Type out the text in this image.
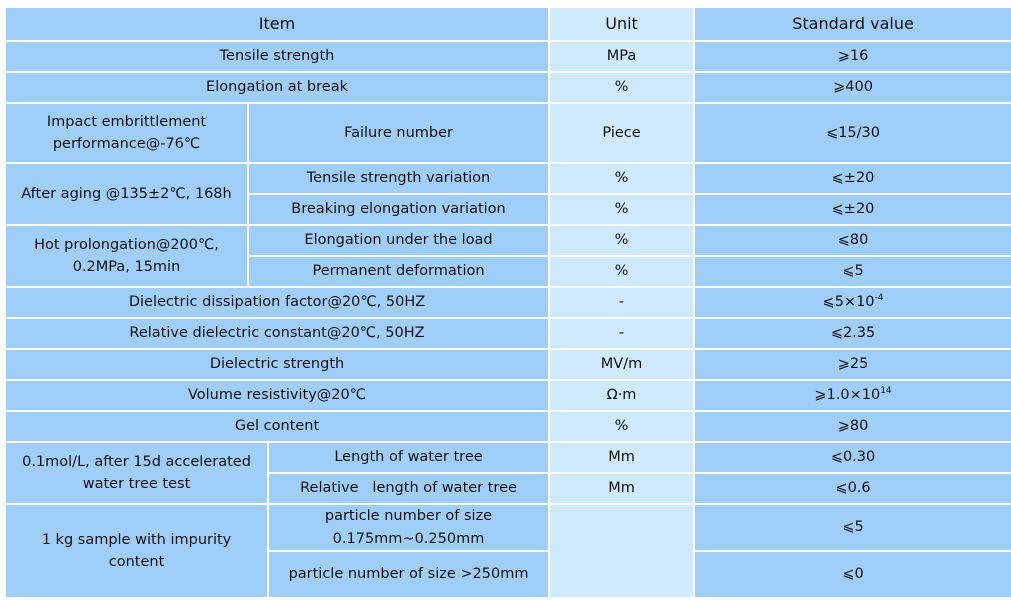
Item			Unit	Standard value
Tensile strength			MPa	⩾16
Elongation at break			%	⩾400
Impact embrittlement performance@-76℃	Failure number		Piece	⩽15/30
After aging @135±2℃, 168h	Tensile strength variation		%	⩽±20
	Breaking elongation variation		%	⩽±20
Hot prolongation@200℃, 0.2MPa, 15min	Elongation under the load		%	⩽80
	Permanent deformation		%	⩽5
Dielectric dissipation factor@20℃, 50HZ			-	$⩽5\times 10^{-4}$
Relative dielectric constant@20℃, 50HZ			-	⩽2.35
Dielectric strength			MV/m	⩾25
Volume resistivity@20℃			Ω·m	$⩾1.0\times 10^{14}$
Gel content			%	⩾80
0.1mol/L, after 15d accelerated water tree test		Length of water tree	Mm	⩽0.30
		Relative   length of water tree	Mm	⩽0.6
1 kg sample with impurity content		particle number of size 0.175mm~0.250mm		⩽5
		particle number of size >250mm		⩽0
